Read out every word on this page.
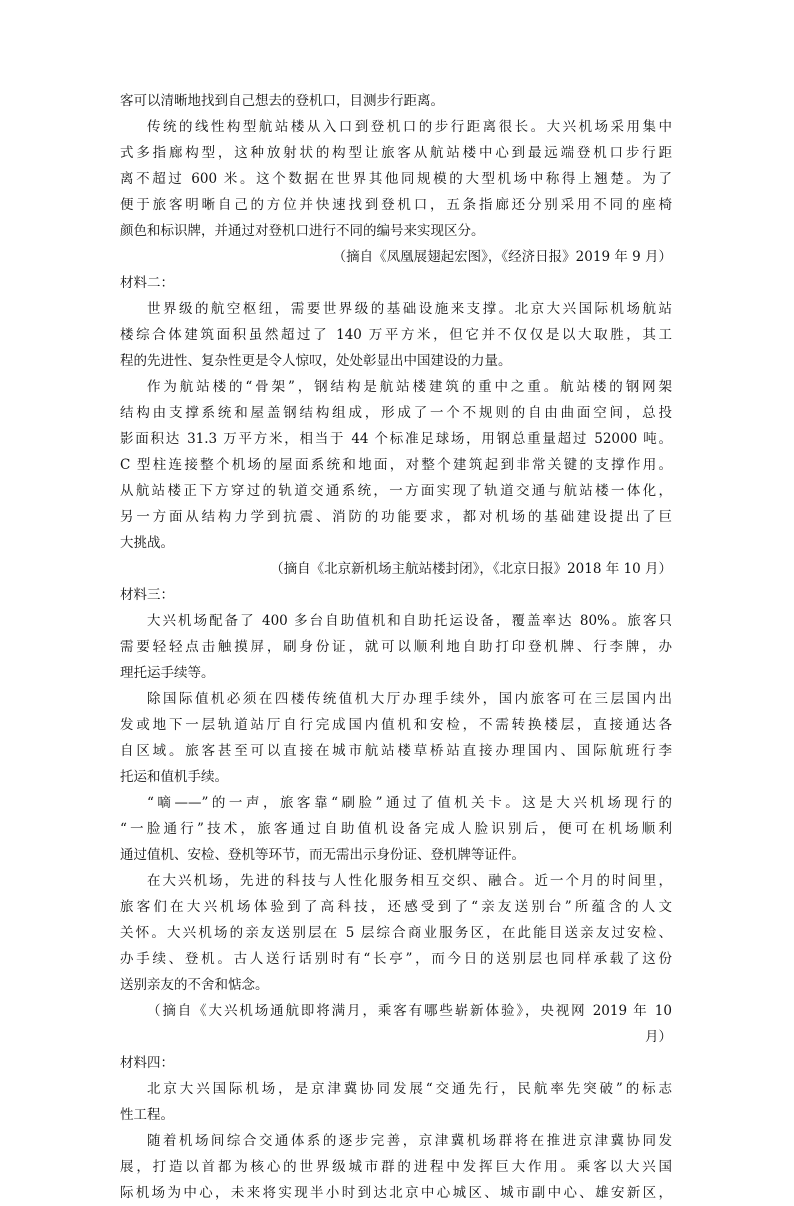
客可以清晰地找到自己想去的登机口，目测步行距离。
传统的线性构型航站楼从入口到登机口的步行距离很长。大兴机场采用集中
式多指廊构型，这种放射状的构型让旅客从航站楼中心到最远端登机口步行距
离不超过 600 米。这个数据在世界其他同规模的大型机场中称得上翘楚。为了
便于旅客明晰自己的方位并快速找到登机口，五条指廊还分别采用不同的座椅
颜色和标识牌，并通过对登机口进行不同的编号来实现区分。
（摘自《凤凰展翅起宏图》，《经济日报》2019 年 9 月）
材料二：
世界级的航空枢纽，需要世界级的基础设施来支撑。北京大兴国际机场航站
楼综合体建筑面积虽然超过了 140 万平方米，但它并不仅仅是以大取胜，其工
程的先进性、复杂性更是令人惊叹，处处彰显出中国建设的力量。
作为航站楼的“骨架”，钢结构是航站楼建筑的重中之重。航站楼的钢网架
结构由支撑系统和屋盖钢结构组成，形成了一个不规则的自由曲面空间，总投
影面积达 31.3 万平方米，相当于 44 个标准足球场，用钢总重量超过 52000 吨。
C 型柱连接整个机场的屋面系统和地面，对整个建筑起到非常关键的支撑作用。
从航站楼正下方穿过的轨道交通系统，一方面实现了轨道交通与航站楼一体化，
另一方面从结构力学到抗震、消防的功能要求，都对机场的基础建设提出了巨
大挑战。
（摘自《北京新机场主航站楼封闭》，《北京日报》2018 年 10 月）
材料三：
大兴机场配备了 400 多台自助值机和自助托运设备，覆盖率达 80%。旅客只
需要轻轻点击触摸屏，刷身份证，就可以顺利地自助打印登机牌、行李牌，办
理托运手续等。
除国际值机必须在四楼传统值机大厅办理手续外，国内旅客可在三层国内出
发或地下一层轨道站厅自行完成国内值机和安检，不需转换楼层，直接通达各
自区域。旅客甚至可以直接在城市航站楼草桥站直接办理国内、国际航班行李
托运和值机手续。
“嘀——”的一声，旅客靠“刷脸”通过了值机关卡。这是大兴机场现行的
“一脸通行”技术，旅客通过自助值机设备完成人脸识别后，便可在机场顺利
通过值机、安检、登机等环节，而无需出示身份证、登机牌等证件。
在大兴机场，先进的科技与人性化服务相互交织、融合。近一个月的时间里，
旅客们在大兴机场体验到了高科技，还感受到了“亲友送别台”所蕴含的人文
关怀。大兴机场的亲友送别层在 5 层综合商业服务区，在此能目送亲友过安检、
办手续、登机。古人送行话别时有“长亭”，而今日的送别层也同样承载了这份
送别亲友的不舍和惦念。
（摘自《大兴机场通航即将满月，乘客有哪些崭新体验》，央视网 2019 年 10
月）
材料四：
北京大兴国际机场，是京津冀协同发展“交通先行，民航率先突破”的标志
性工程。
随着机场间综合交通体系的逐步完善，京津冀机场群将在推进京津冀协同发
展，打造以首都为核心的世界级城市群的进程中发挥巨大作用。乘客以大兴国
际机场为中心，未来将实现半小时到达北京中心城区、城市副中心、雄安新区，
